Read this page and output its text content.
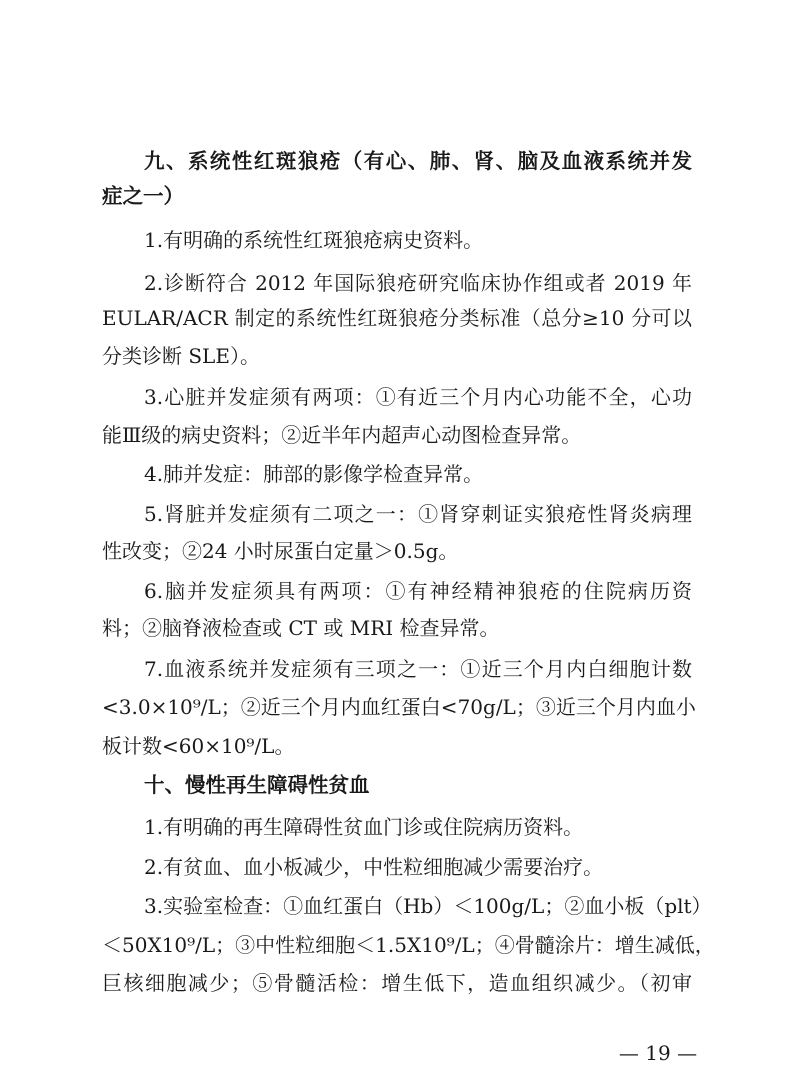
九、系统性红斑狼疮（有心、肺、肾、脑及血液系统并发
症之一）
1.有明确的系统性红斑狼疮病史资料。
2.诊断符合 2012 年国际狼疮研究临床协作组或者 2019 年
EULAR/ACR 制定的系统性红斑狼疮分类标准（总分≥10 分可以
分类诊断 SLE）。
3.心脏并发症须有两项：①有近三个月内心功能不全，心功
能Ⅲ级的病史资料；②近半年内超声心动图检查异常。
4.肺并发症：肺部的影像学检查异常。
5.肾脏并发症须有二项之一：①肾穿刺证实狼疮性肾炎病理
性改变；②24 小时尿蛋白定量＞0.5g。
6.脑并发症须具有两项：①有神经精神狼疮的住院病历资
料；②脑脊液检查或 CT 或 MRI 检查异常。
7.血液系统并发症须有三项之一：①近三个月内白细胞计数
<3.0×10⁹/L；②近三个月内血红蛋白<70g/L；③近三个月内血小
板计数<60×10⁹/L。
十、慢性再生障碍性贫血
1.有明确的再生障碍性贫血门诊或住院病历资料。
2.有贫血、血小板减少，中性粒细胞减少需要治疗。
3.实验室检查：①血红蛋白（Hb）＜100g/L；②血小板（plt）
＜50X10⁹/L；③中性粒细胞＜1.5X10⁹/L；④骨髓涂片：增生减低，
巨核细胞减少；⑤骨髓活检：增生低下，造血组织减少。（初审
— 19 —
